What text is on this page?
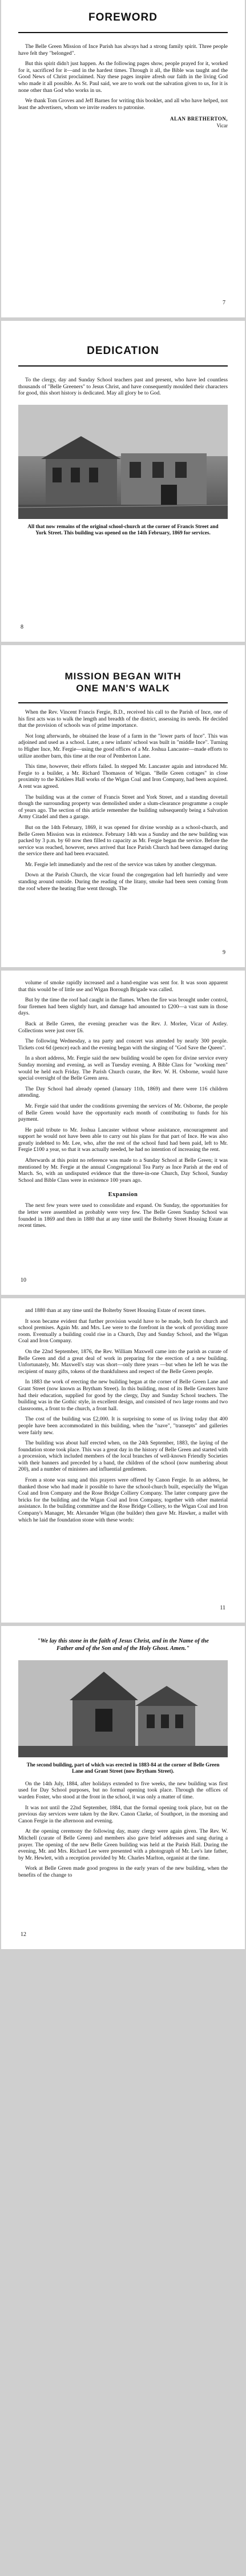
FOREWORD

The Belle Green Mission of Ince Parish has always had a strong family spirit. Three people have felt they "belonged".

But this spirit didn't just happen. As the following pages show, people prayed for it, worked for it, sacrificed for it—and in the hardest times. Through it all, the Bible was taught and the Good News of Christ proclaimed. Nay these pages inspire afresh our faith in the living God who made it all possible. As St. Paul said, we are to work out the salvation given to us, for it is none other than God who works in us.

We thank Tom Groves and Jeff Barnes for writing this booklet, and all who have helped, not least the advertisers, whom we invite readers to patronise.

ALAN BRETHERTON,
Vicar
7
DEDICATION

To the clergy, day and Sunday School teachers past and present, who have led countless thousands of "Belle Greeners" to Jesus Christ, and have consequently moulded their characters for good, this short history is dedicated. May all glory be to God.

All that now remains of the original school-church at the corner of Francis Street and York Street. This building was opened on the 14th February, 1869 for services.

8
MISSION BEGAN WITH
ONE MAN'S WALK

When the Rev. Vincent Francis Fergie, B.D., received his call to the Parish of Ince, one of his first acts was to walk the length and breadth of the district, assessing its needs. He decided that the provision of schools was of prime importance.

Not long afterwards, he obtained the lease of a farm in the "lower parts of Ince". This was adjoined and used as a school. Later, a new infants' school was built in "middle Ince". Turning to Higher Ince, Mr. Fergie—using the good offices of a Mr. Joshua Lancaster—made efforts to utilize another barn, this time at the rear of Pemberton Lane.

This time, however, their efforts failed. In stepped Mr. Lancaster again and introduced Mr. Fergie to a builder, a Mr. Richard Thomason of Wigan. "Belle Green cottages" in close proximity to the Kirklees Hall works of the Wigan Coal and Iron Company, had been acquired. A rent was agreed.

The building was at the corner of Francis Street and York Street, and a standing dovetail though the surrounding property was demolished under a slum-clearance programme a couple of years ago. The section of this article remember the building subsequently being a Salvation Army Citadel and then a garage.

But on the 14th February, 1869, it was opened for divine worship as a school-church, and Belle Green Mission was in existence. February 14th was a Sunday and the new building was packed by 3 p.m. by 60 now then filled to capacity as Mr. Fergie began the service. Before the service was reached, however, news arrived that Ince Parish Church had been damaged during the service there and had been evacuated.

Mr. Fergie left immediately and the rest of the service was taken by another clergyman.

Down at the Parish Church, the vicar found the congregation had left hurriedly and were standing around outside. During the reading of the litany, smoke had been seen coming from the roof where the heating flue went through. The

9

volume of smoke rapidly increased and a hand-engine was sent for. It was soon apparent that this would be of little use and Wigan Borough Brigade was called.

But by the time the roof had caught in the flames. When the fire was brought under control, four firemen had been slightly hurt, and damage had amounted to £200—a vast sum in those days.

Back at Belle Green, the evening preacher was the Rev. J. Morlee, Vicar of Astley. Collections were just over £6.

The following Wednesday, a tea party and concert was attended by nearly 300 people. Tickets cost 6d (pence) each and the evening began with the singing of "God Save the Queen".

In a short address, Mr. Fergie said the new building would be open for divine service every Sunday morning and evening, as well as Tuesday evening. A Bible Class for "working men" would be held each Friday. The Parish Church curate, the Rev. W. H. Osborne, would have special oversight of the Belle Green area.

The Day School had already opened (January 11th, 1869) and there were 116 children attending.

Mr. Fergie said that under the conditions governing the services of Mr. Osborne, the people of Belle Green would have the opportunity each month of contributing to funds for his payment.

He paid tribute to Mr. Joshua Lancaster without whose assistance, encouragement and support he would not have been able to carry out his plans for that part of Ince. He was also greatly indebted to Mr. Lee, who, after the rest of the school fund had been paid, left to Mr. Fergie £100 a year, so that it was actually needed, he had no intention of increasing the rent.

Afterwards at this point no reference was made to a Sunday School at Belle Green; it was mentioned by Mr. Fergie at the annual Congregational Tea Party as Ince Parish at the end of March. So, with an undisputed evidence that the three-in-one Church, Day School, Sunday School and Bible Class were in existence 100 years ago.

Expansion

The next few years were used to consolidate and expand. On Sunday, the opportunities for the letter were assembled as probably were very few. The Belle Green Sunday School was founded in 1869 and then in 1880 that at any time until the Bolterby Street Housing Estate at recent times.

10

and 1880 than at any time until the Bolterby Street Housing Estate of recent times.

It soon became evident that further provision would have to be made, both for church and school premises. Again Mr. and Mrs. Lee were to the forefront in the work of providing more room. Eventually a building could rise in a Church, Day and Sunday School, and the Wigan Coal and Iron Company.

On the 22nd September, 1876, the Rev. William Maxwell came into the parish as curate of Belle Green and did a great deal of work in preparing for the erection of a new building. Unfortunately, Mr. Maxwell's stay was short—only three years —but when he left he was the recipient of many gifts, tokens of the thankfulness and respect of the Belle Green people.

In 1883 the work of erecting the new building began at the corner of Belle Green Lane and Grant Street (now known as Brytham Street). In this building, most of its Belle Greaters have had their education, supplied for good by the clergy, Day and Sunday School teachers. The building was in the Gothic style, in excellent design, and consisted of two large rooms and two classrooms, a front to the church, a front hall.

The cost of the building was £2,000. It is surprising to some of us living today that 400 people have been accommodated in this building, when the "nave", "transepts" and galleries were fairly new.

The building was about half erected when, on the 24th September, 1883, the laying of the foundation stone took place. This was a great day in the history of Belle Green and started with a procession, which included members of the local branches of well-known Friendly Societies with their banners and preceded by a band, the children of the school (now numbering about 200), and a number of ministers and influential gentlemen.

From a stone was sung and this prayers were offered by Canon Fergie. In an address, he thanked those who had made it possible to have the school-church built, especially the Wigan Coal and Iron Company and the Rose Bridge Colliery Company. The latter company gave the bricks for the building and the Wigan Coal and Iron Company, together with other material assistance. In the building committee and the Rose Bridge Colliery, to the Wigan Coal and Iron Company's Manager, Mr. Alexander Wigan (the builder) then gave Mr. Hawker, a mallet with which he laid the foundation stone with these words:

11

"We lay this stone in the faith of Jesus Christ, and in the Name of the Father and of the Son and of the Holy Ghost. Amen."

The second building, part of which was erected in 1883-84 at the corner of Belle Green Lane and Grant Street (now Brytham Street).

On the 14th July, 1884, after holidays extended to five weeks, the new building was first used for Day School purposes, but no formal opening took place. Through the offices of warden Foster, who stood at the front in the school, it was only a matter of time.

It was not until the 22nd September, 1884, that the formal opening took place, but on the previous day services were taken by the Rev. Canon Clarke, of Southport, in the morning and Canon Fergie in the afternoon and evening.

At the opening ceremony the following day, many clergy were again given. The Rev. W. Mitchell (curate of Belle Green) and members also gave brief addresses and sang during a prayer. The opening of the new Belle Green building was held at the Parish Hall. During the evening, Mr. and Mrs. Richard Lee were presented with a photograph of Mr. Lee's late father, by Mr. Hewlett, with a reception provided by Mr. Charles Marlton, organist at the time.

Work at Belle Green made good progress in the early years of the new building, when the benefits of the change to

12
